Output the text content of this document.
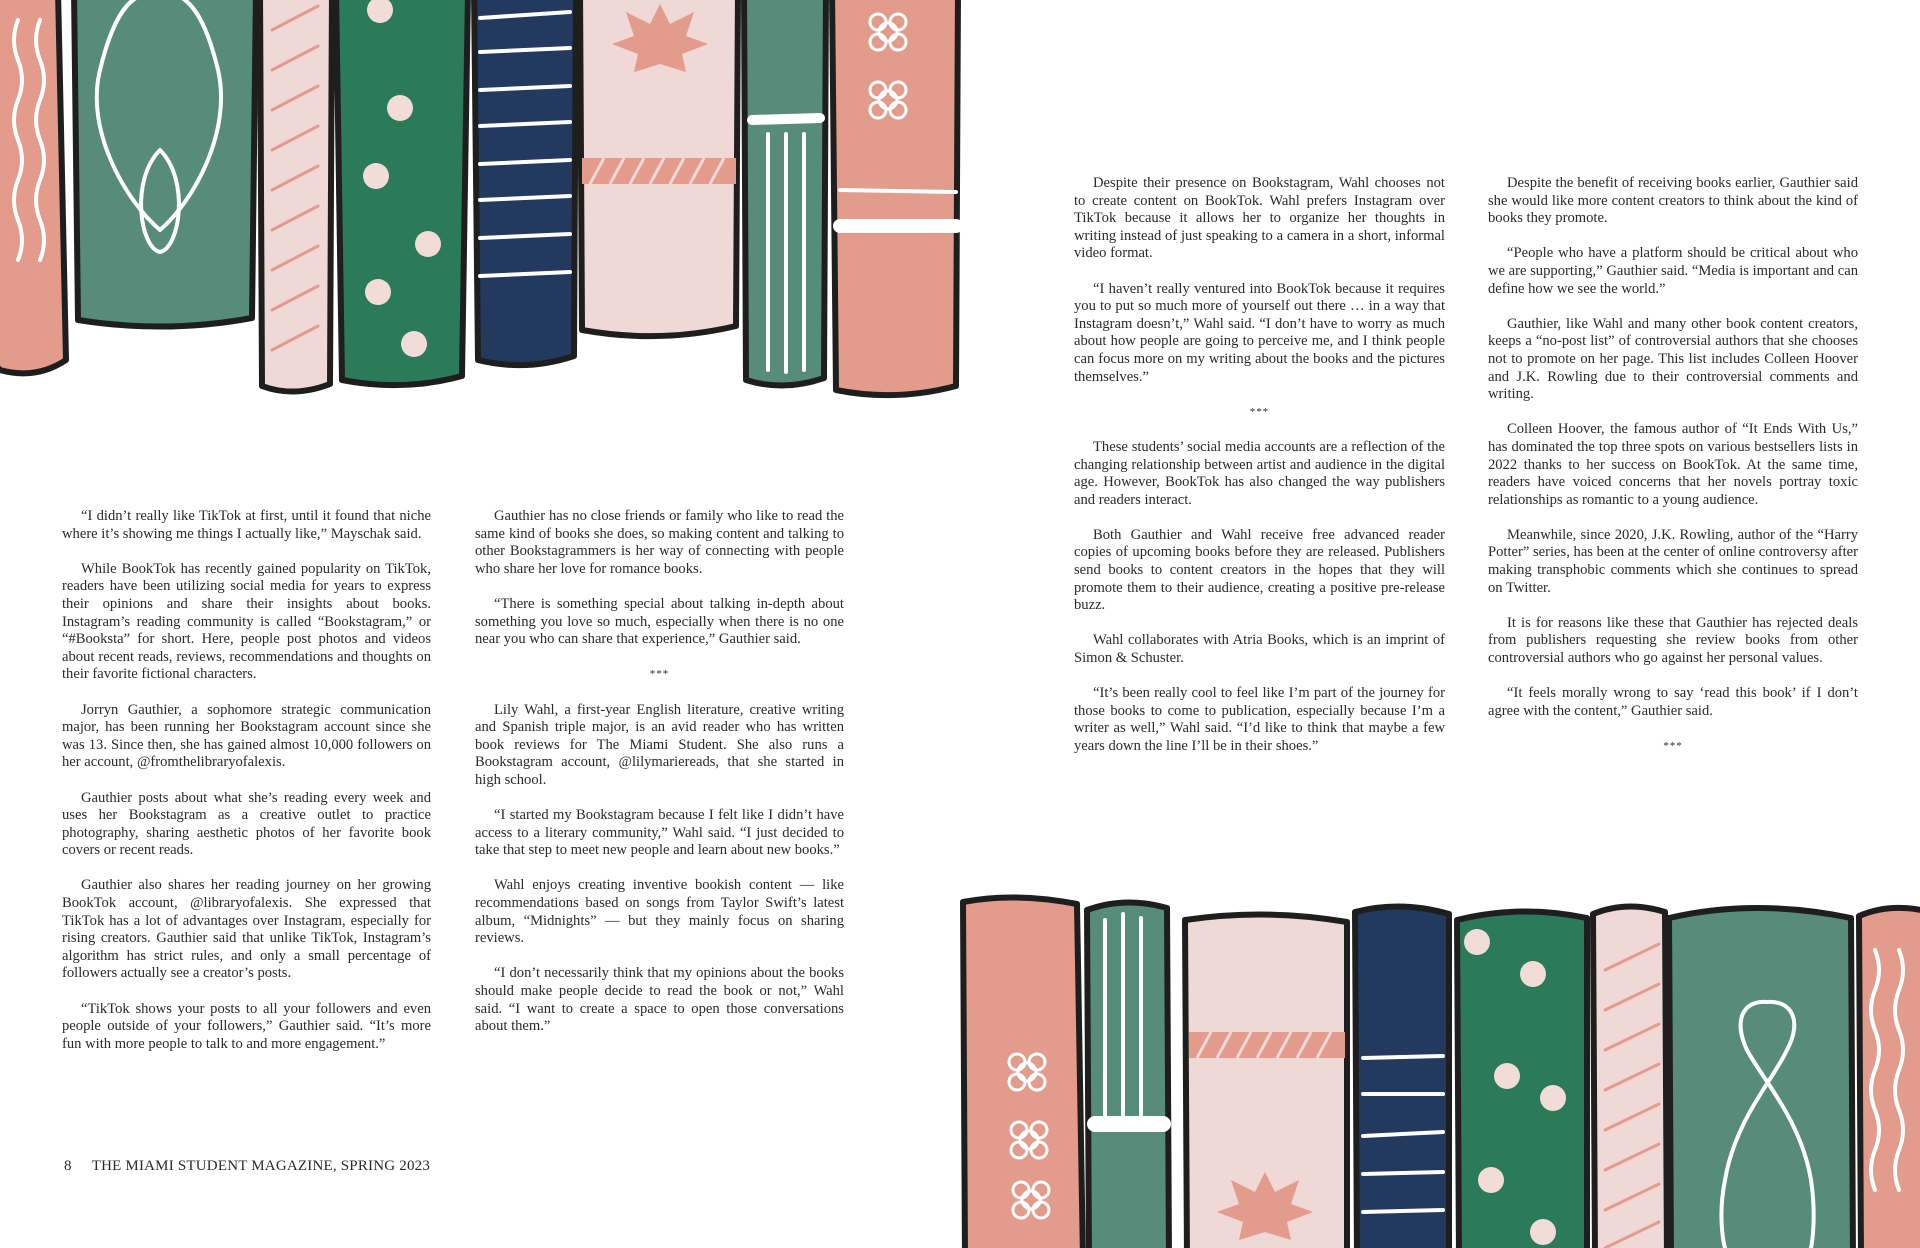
“I didn’t really like TikTok at first, until it found that niche where it’s showing me things I actually like,” Mayschak said.

While BookTok has recently gained popularity on TikTok, readers have been utilizing social media for years to express their opinions and share their insights about books. Instagram’s reading community is called “Bookstagram,” or “#Booksta” for short. Here, people post photos and videos about recent reads, reviews, recommendations and thoughts on their favorite fictional characters.

Jorryn Gauthier, a sophomore strategic communication major, has been running her Bookstagram account since she was 13. Since then, she has gained almost 10,000 followers on her account, @fromthelibraryofalexis.

Gauthier posts about what she’s reading every week and uses her Bookstagram as a creative outlet to practice photography, sharing aesthetic photos of her favorite book covers or recent reads.

Gauthier also shares her reading journey on her growing BookTok account, @libraryofalexis. She expressed that TikTok has a lot of advantages over Instagram, especially for rising creators. Gauthier said that unlike TikTok, Instagram’s algorithm has strict rules, and only a small percentage of followers actually see a creator’s posts.

“TikTok shows your posts to all your followers and even people outside of your followers,” Gauthier said. “It’s more fun with more people to talk to and more engagement.”

Gauthier has no close friends or family who like to read the same kind of books she does, so making content and talking to other Bookstagrammers is her way of connecting with people who share her love for romance books.

“There is something special about talking in-depth about something you love so much, especially when there is no one near you who can share that experience,” Gauthier said.

***

Lily Wahl, a first-year English literature, creative writing and Spanish triple major, is an avid reader who has written book reviews for The Miami Student. She also runs a Bookstagram account, @lilymariereads, that she started in high school.

“I started my Bookstagram because I felt like I didn’t have access to a literary community,” Wahl said. “I just decided to take that step to meet new people and learn about new books.”

Wahl enjoys creating inventive bookish content — like recommendations based on songs from Taylor Swift’s latest album, “Midnights” — but they mainly focus on sharing reviews.

“I don’t necessarily think that my opinions about the books should make people decide to read the book or not,” Wahl said. “I want to create a space to open those conversations about them.”

Despite their presence on Bookstagram, Wahl chooses not to create content on BookTok. Wahl prefers Instagram over TikTok because it allows her to organize her thoughts in writing instead of just speaking to a camera in a short, informal video format.

“I haven’t really ventured into BookTok because it requires you to put so much more of yourself out there … in a way that Instagram doesn’t,” Wahl said. “I don’t have to worry as much about how people are going to perceive me, and I think people can focus more on my writing about the books and the pictures themselves.”

***

These students’ social media accounts are a reflection of the changing relationship between artist and audience in the digital age. However, BookTok has also changed the way publishers and readers interact.

Both Gauthier and Wahl receive free advanced reader copies of upcoming books before they are released. Publishers send books to content creators in the hopes that they will promote them to their audience, creating a positive pre-release buzz.

Wahl collaborates with Atria Books, which is an imprint of Simon & Schuster.

“It’s been really cool to feel like I’m part of the journey for those books to come to publication, especially because I’m a writer as well,” Wahl said. “I’d like to think that maybe a few years down the line I’ll be in their shoes.”

Despite the benefit of receiving books earlier, Gauthier said she would like more content creators to think about the kind of books they promote.

“People who have a platform should be critical about who we are supporting,” Gauthier said. “Media is important and can define how we see the world.”

Gauthier, like Wahl and many other book content creators, keeps a “no-post list” of controversial authors that she chooses not to promote on her page. This list includes Colleen Hoover and J.K. Rowling due to their controversial comments and writing.

Colleen Hoover, the famous author of “It Ends With Us,” has dominated the top three spots on various bestsellers lists in 2022 thanks to her success on BookTok. At the same time, readers have voiced concerns that her novels portray toxic relationships as romantic to a young audience.

Meanwhile, since 2020, J.K. Rowling, author of the “Harry Potter” series, has been at the center of online controversy after making transphobic comments which she continues to spread on Twitter.

It is for reasons like these that Gauthier has rejected deals from publishers requesting she review books from other controversial authors who go against her personal values.

“It feels morally wrong to say ‘read this book’ if I don’t agree with the content,” Gauthier said.

***

8 THE MIAMI STUDENT MAGAZINE, SPRING 2023
